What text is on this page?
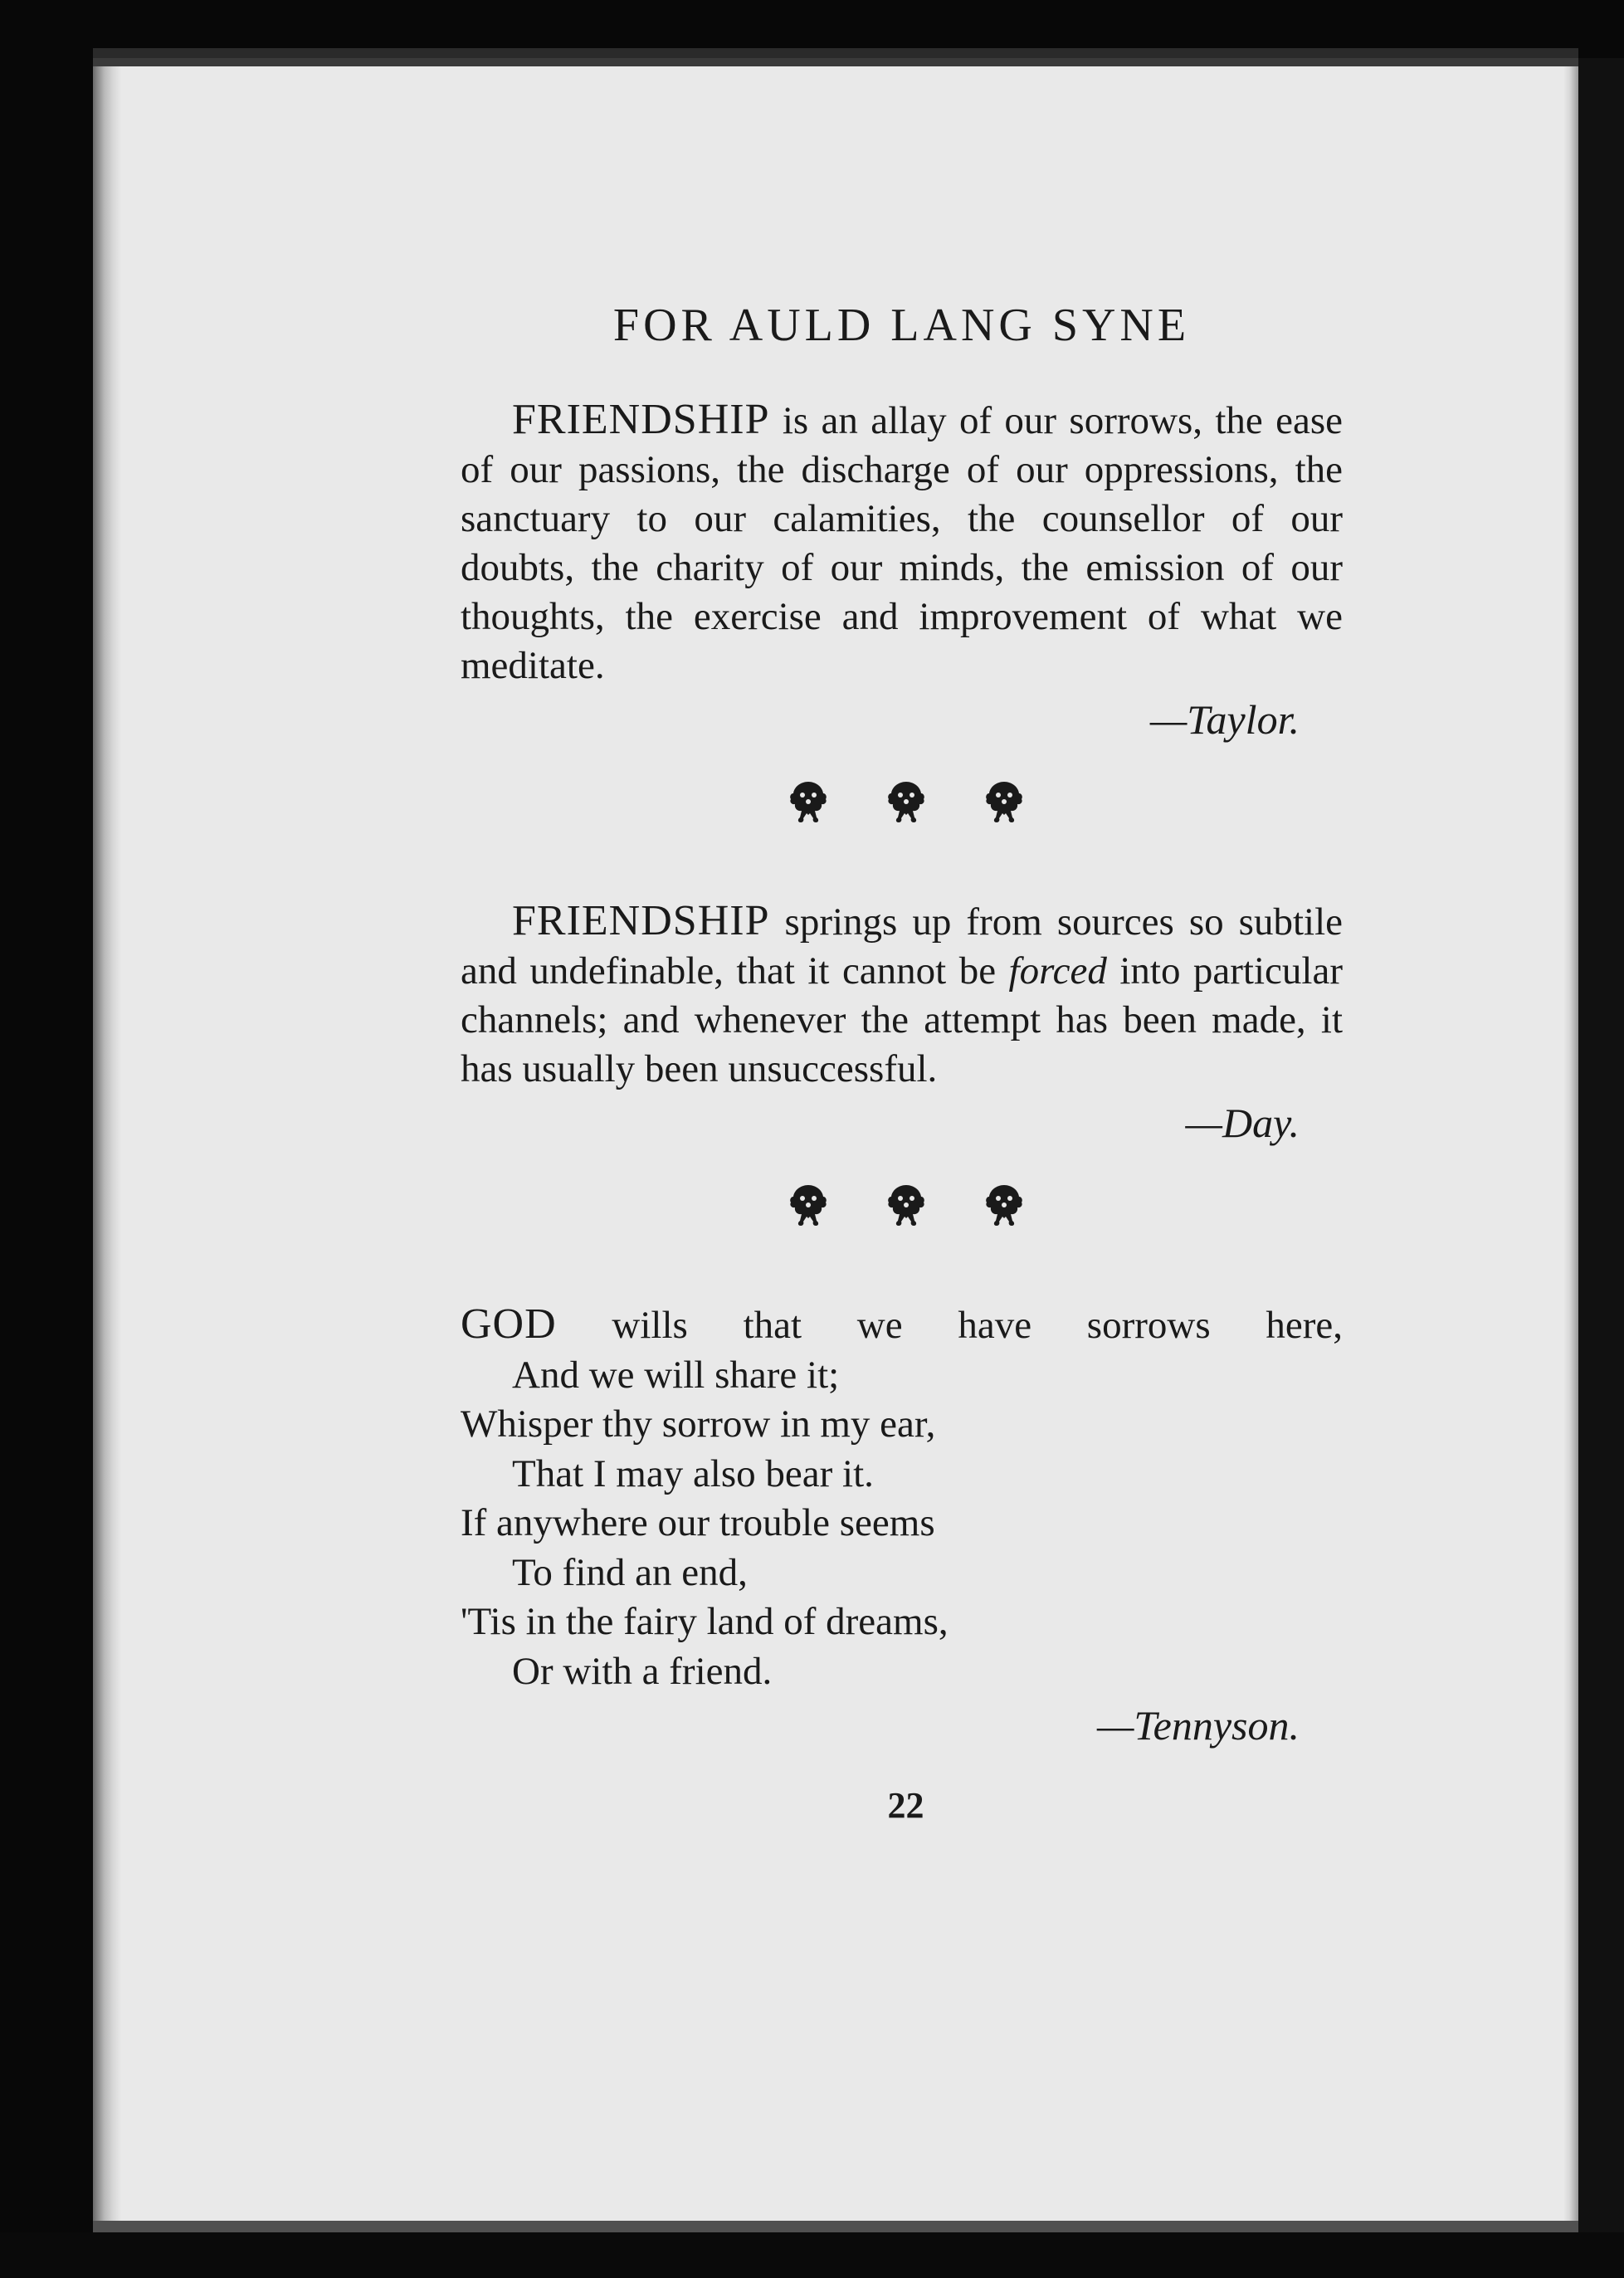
FOR AULD LANG SYNE

FRIENDSHIP is an allay of our sorrows, the ease of our passions, the discharge of our oppressions, the sanctuary to our calamities, the counsellor of our doubts, the charity of our minds, the emission of our thoughts, the exercise and improvement of what we meditate.

—Taylor.

FRIENDSHIP springs up from sources so subtile and undefinable, that it cannot be forced into particular channels; and whenever the attempt has been made, it has usually been unsuccessful.

—Day.
GOD wills that we have sorrows here,
And we will share it;
Whisper thy sorrow in my ear,
That I may also bear it.
If anywhere our trouble seems
To find an end,
'Tis in the fairy land of dreams,
Or with a friend.
—Tennyson.
22
